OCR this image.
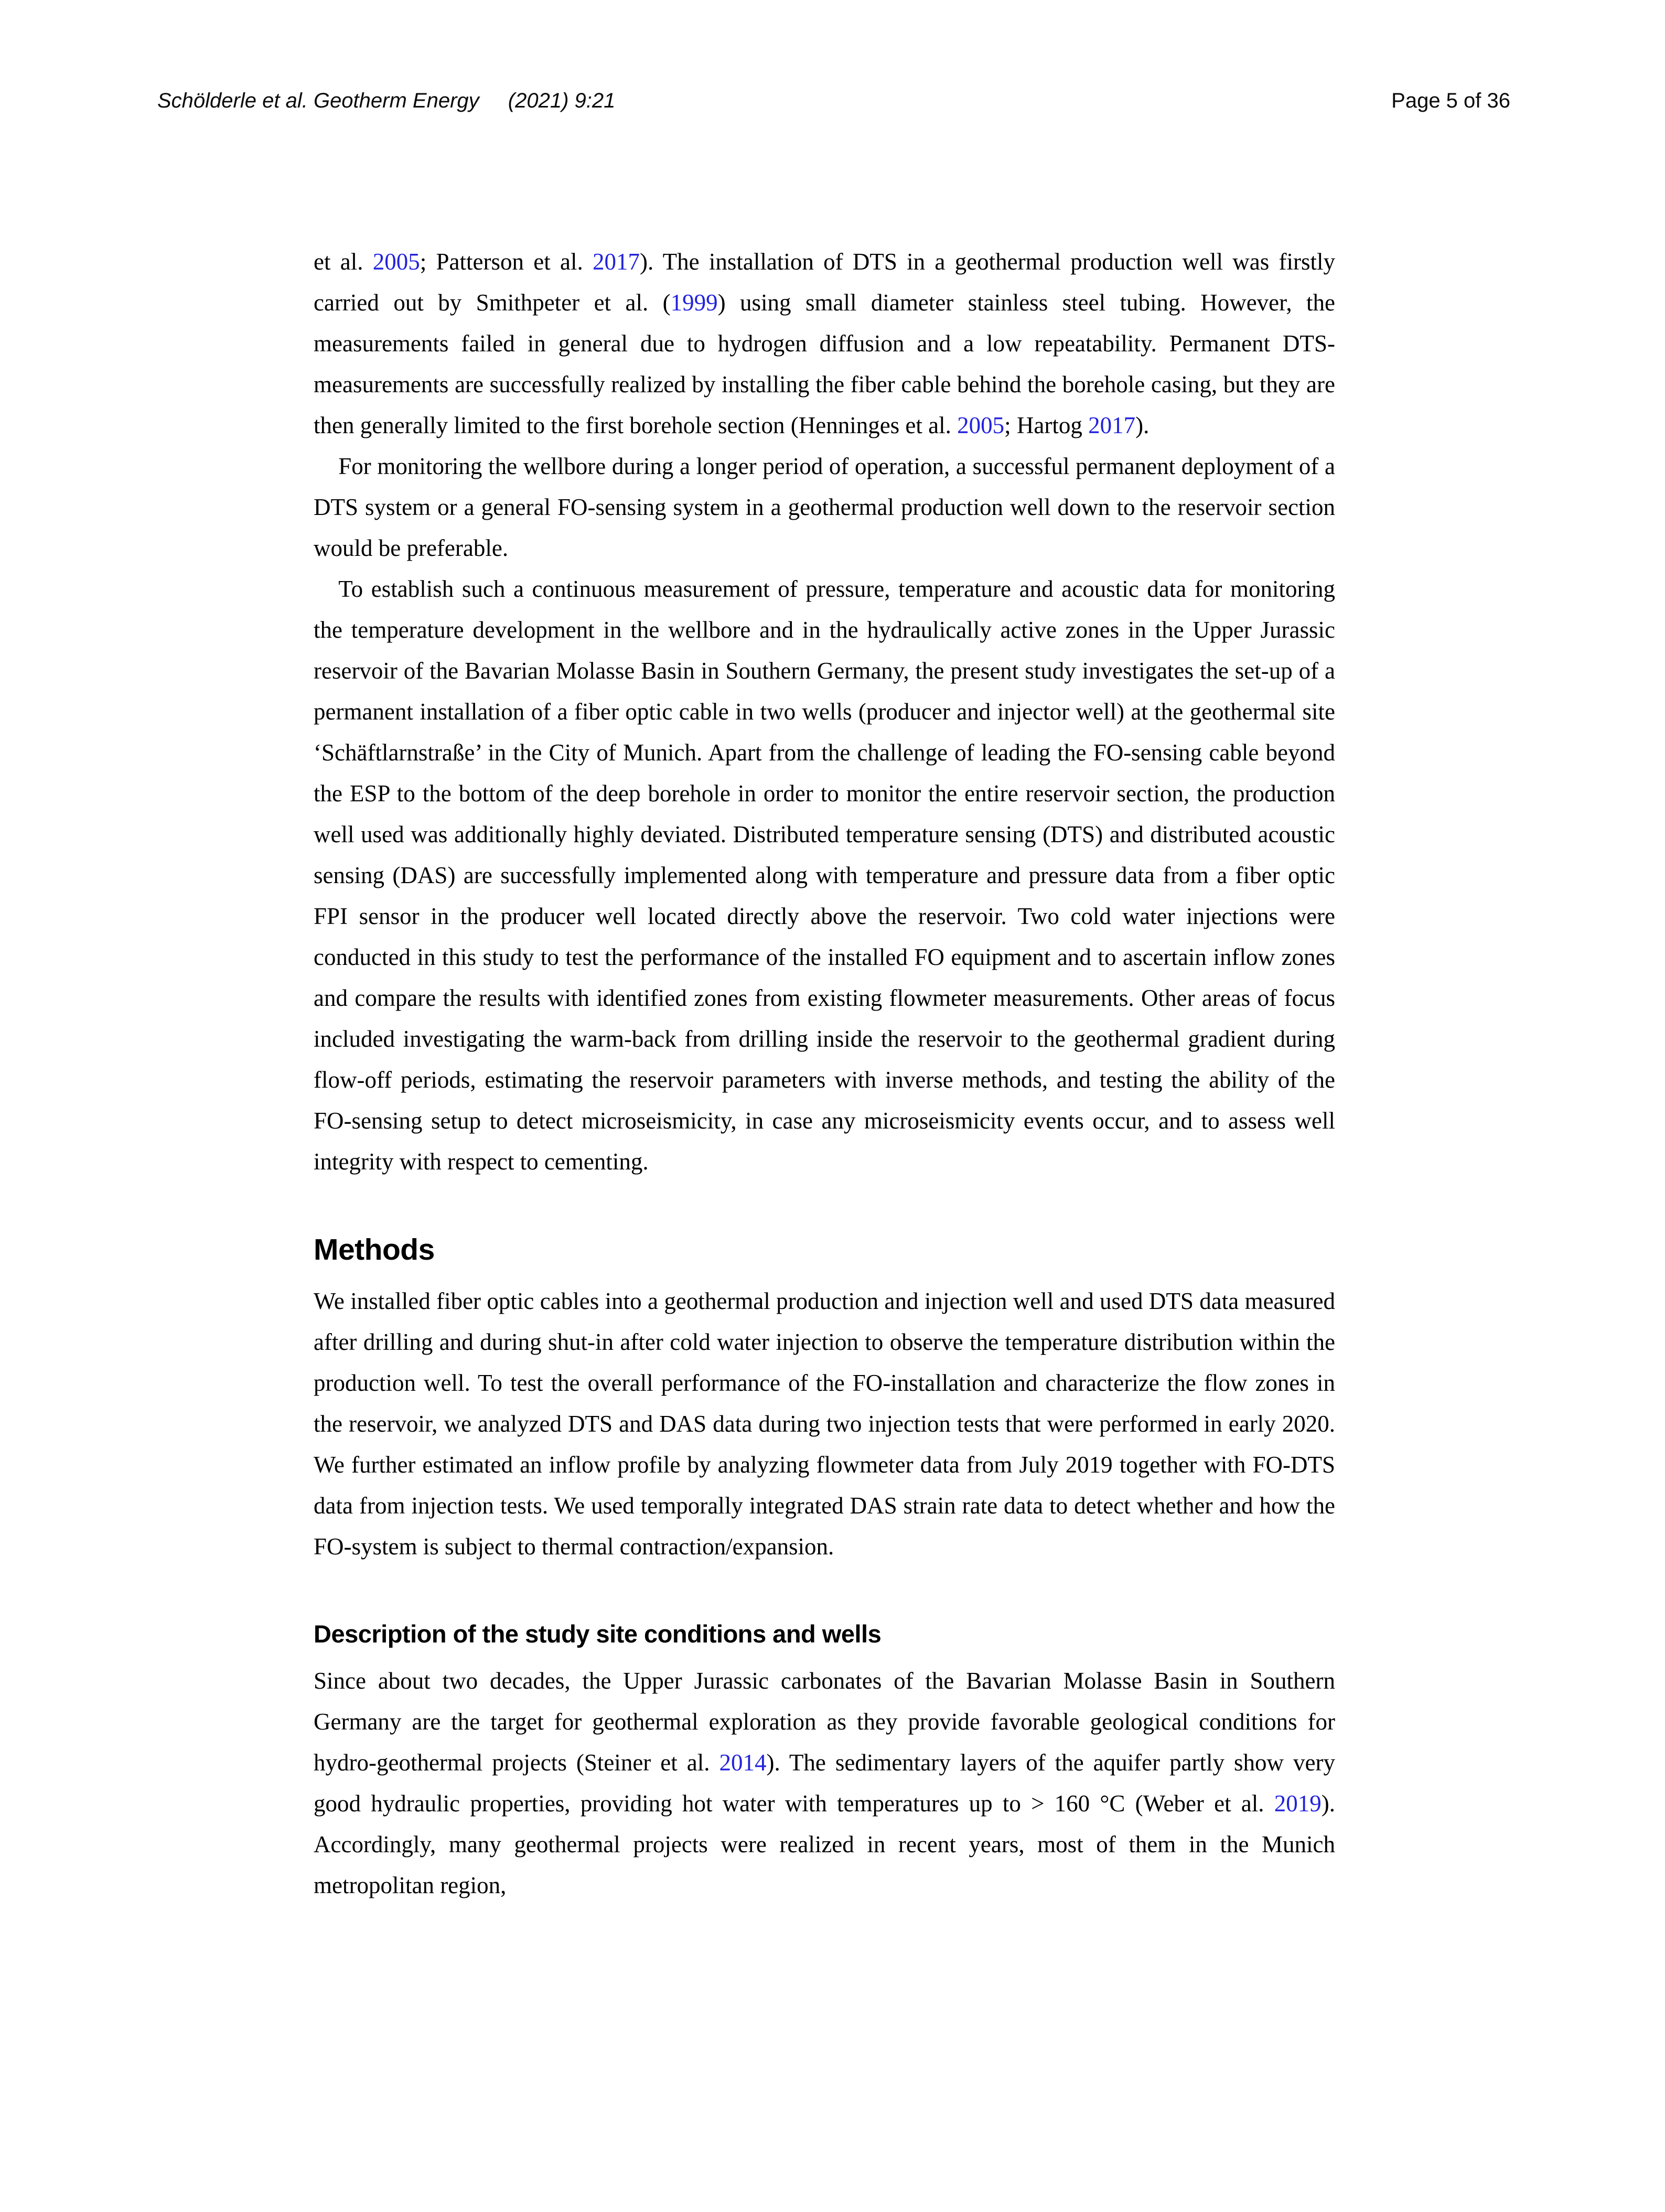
Schölderle et al. Geotherm Energy (2021) 9:21	Page 5 of 36

et al. 2005; Patterson et al. 2017). The installation of DTS in a geothermal production well was firstly carried out by Smithpeter et al. (1999) using small diameter stainless steel tubing. However, the measurements failed in general due to hydrogen diffusion and a low repeatability. Permanent DTS-measurements are successfully realized by installing the fiber cable behind the borehole casing, but they are then generally limited to the first borehole section (Henninges et al. 2005; Hartog 2017).

For monitoring the wellbore during a longer period of operation, a successful permanent deployment of a DTS system or a general FO-sensing system in a geothermal production well down to the reservoir section would be preferable.

To establish such a continuous measurement of pressure, temperature and acoustic data for monitoring the temperature development in the wellbore and in the hydraulically active zones in the Upper Jurassic reservoir of the Bavarian Molasse Basin in Southern Germany, the present study investigates the set-up of a permanent installation of a fiber optic cable in two wells (producer and injector well) at the geothermal site ‘Schäftlarnstraße’ in the City of Munich. Apart from the challenge of leading the FO-sensing cable beyond the ESP to the bottom of the deep borehole in order to monitor the entire reservoir section, the production well used was additionally highly deviated. Distributed temperature sensing (DTS) and distributed acoustic sensing (DAS) are successfully implemented along with temperature and pressure data from a fiber optic FPI sensor in the producer well located directly above the reservoir. Two cold water injections were conducted in this study to test the performance of the installed FO equipment and to ascertain inflow zones and compare the results with identified zones from existing flowmeter measurements. Other areas of focus included investigating the warm-back from drilling inside the reservoir to the geothermal gradient during flow-off periods, estimating the reservoir parameters with inverse methods, and testing the ability of the FO-sensing setup to detect microseismicity, in case any microseismicity events occur, and to assess well integrity with respect to cementing.

Methods

We installed fiber optic cables into a geothermal production and injection well and used DTS data measured after drilling and during shut-in after cold water injection to observe the temperature distribution within the production well. To test the overall performance of the FO-installation and characterize the flow zones in the reservoir, we analyzed DTS and DAS data during two injection tests that were performed in early 2020. We further estimated an inflow profile by analyzing flowmeter data from July 2019 together with FO-DTS data from injection tests. We used temporally integrated DAS strain rate data to detect whether and how the FO-system is subject to thermal contraction/expansion.

Description of the study site conditions and wells

Since about two decades, the Upper Jurassic carbonates of the Bavarian Molasse Basin in Southern Germany are the target for geothermal exploration as they provide favorable geological conditions for hydro-geothermal projects (Steiner et al. 2014). The sedimentary layers of the aquifer partly show very good hydraulic properties, providing hot water with temperatures up to > 160 °C (Weber et al. 2019). Accordingly, many geothermal projects were realized in recent years, most of them in the Munich metropolitan region,
